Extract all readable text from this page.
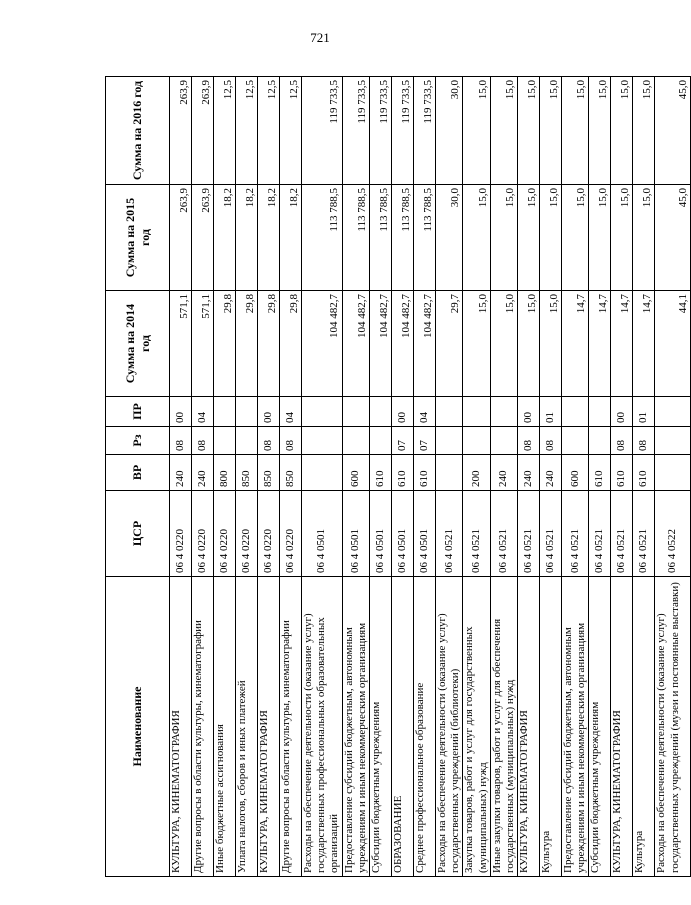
721
Наименование	ЦСР	ВР	Рз	ПР	Сумма на 2014 год	Сумма на 2015 год	Сумма на 2016 год
КУЛЬТУРА, КИНЕМАТОГРАФИЯ	06 4 0220	240	08	00	571,1	263,9	263,9
Другие вопросы в области культуры, кинематографии	06 4 0220	240	08	04	571,1	263,9	263,9
Иные бюджетные ассигнования	06 4 0220	800			29,8	18,2	12,5
Уплата налогов, сборов и иных платежей	06 4 0220	850			29,8	18,2	12,5
КУЛЬТУРА, КИНЕМАТОГРАФИЯ	06 4 0220	850	08	00	29,8	18,2	12,5
Другие вопросы в области культуры, кинематографии	06 4 0220	850	08	04	29,8	18,2	12,5
Расходы на обеспечение деятельности (оказание услуг) государственных профессиональных образовательных организаций	06 4 0501				104 482,7	113 788,5	119 733,5
Предоставление субсидий бюджетным, автономным учреждениям и иным некоммерческим организациям	06 4 0501	600			104 482,7	113 788,5	119 733,5
Субсидии бюджетным учреждениям	06 4 0501	610			104 482,7	113 788,5	119 733,5
ОБРАЗОВАНИЕ	06 4 0501	610	07	00	104 482,7	113 788,5	119 733,5
Среднее профессиональное образование	06 4 0501	610	07	04	104 482,7	113 788,5	119 733,5
Расходы на обеспечение деятельности (оказание услуг) государственных учреждений (библиотеки)	06 4 0521				29,7	30,0	30,0
Закупка товаров, работ и услуг для государственных (муниципальных) нужд	06 4 0521	200			15,0	15,0	15,0
Иные закупки товаров, работ и услуг для обеспечения государственных (муниципальных) нужд	06 4 0521	240			15,0	15,0	15,0
КУЛЬТУРА, КИНЕМАТОГРАФИЯ	06 4 0521	240	08	00	15,0	15,0	15,0
Культура	06 4 0521	240	08	01	15,0	15,0	15,0
Предоставление субсидий бюджетным, автономным учреждениям и иным некоммерческим организациям	06 4 0521	600			14,7	15,0	15,0
Субсидии бюджетным учреждениям	06 4 0521	610			14,7	15,0	15,0
КУЛЬТУРА, КИНЕМАТОГРАФИЯ	06 4 0521	610	08	00	14,7	15,0	15,0
Культура	06 4 0521	610	08	01	14,7	15,0	15,0
Расходы на обеспечение деятельности (оказание услуг) государственных учреждений (музеи и постоянные выставки)	06 4 0522				44,1	45,0	45,0
